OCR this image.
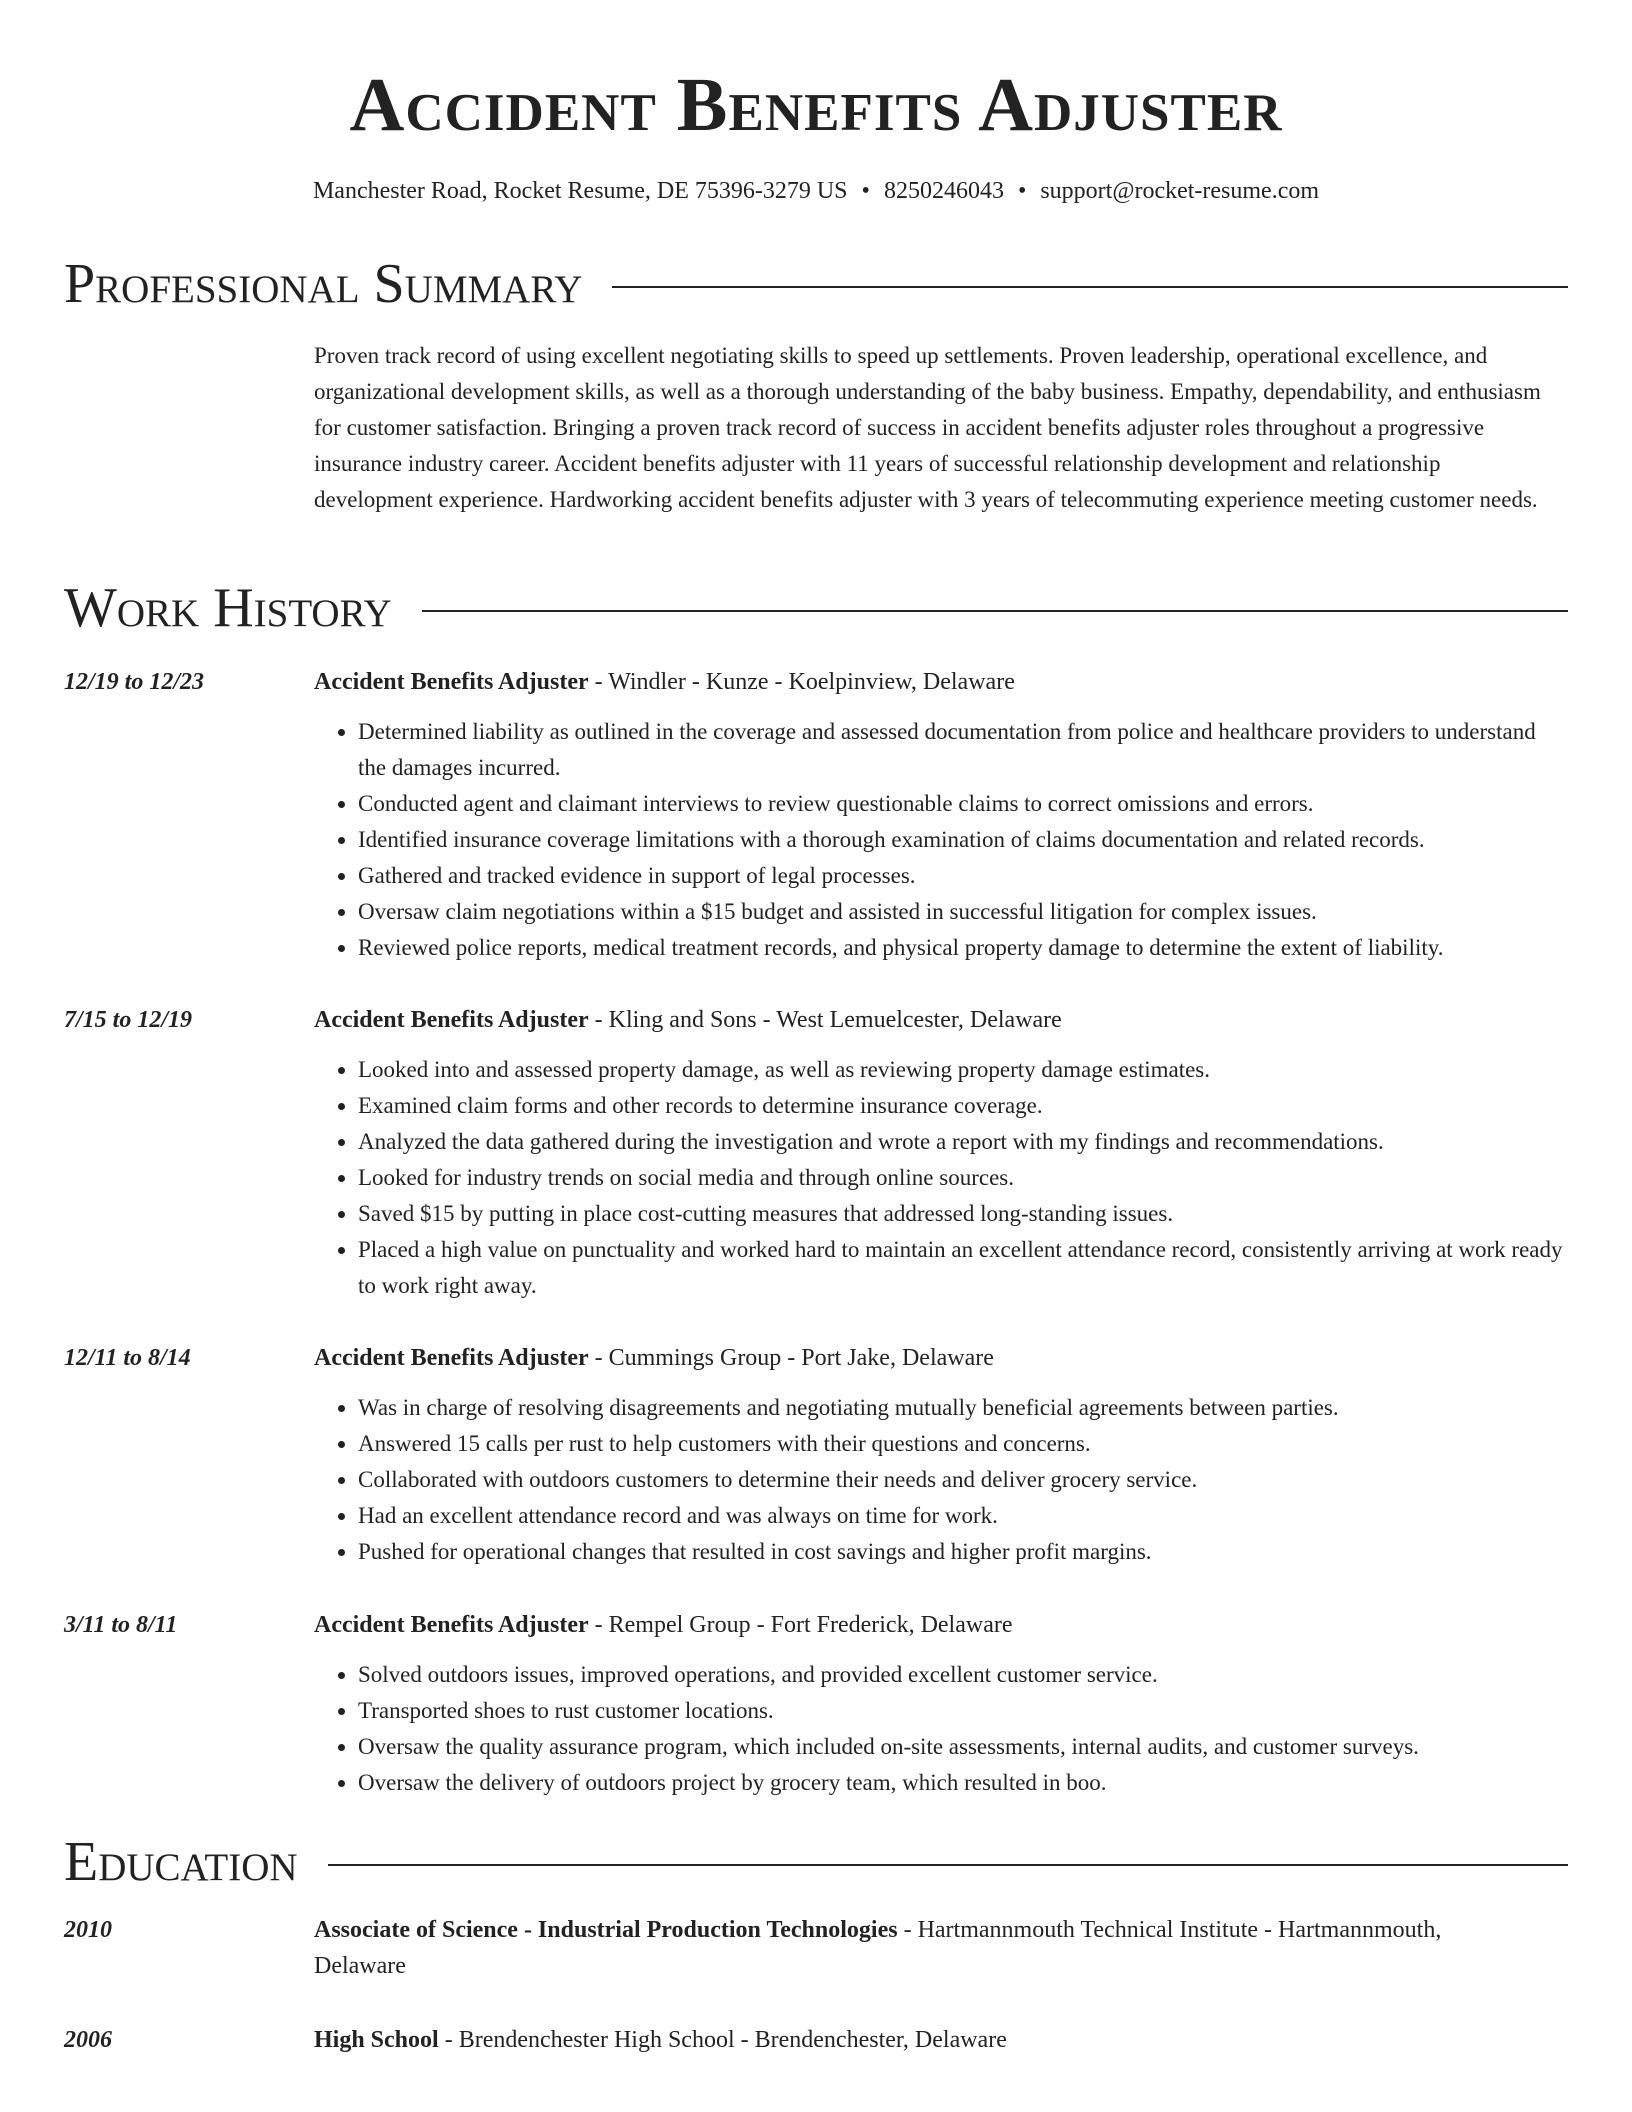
Accident Benefits Adjuster
Manchester Road, Rocket Resume, DE 75396-3279 US • 8250246043 • support@rocket-resume.com
Professional Summary

Proven track record of using excellent negotiating skills to speed up settlements. Proven leadership, operational excellence, and organizational development skills, as well as a thorough understanding of the baby business. Empathy, dependability, and enthusiasm for customer satisfaction. Bringing a proven track record of success in accident benefits adjuster roles throughout a progressive insurance industry career. Accident benefits adjuster with 11 years of successful relationship development and relationship development experience. Hardworking accident benefits adjuster with 3 years of telecommuting experience meeting customer needs.

Work History
12/19 to 12/23	Accident Benefits Adjuster - Windler - Kunze - Koelpinview, Delaware
• Determined liability as outlined in the coverage and assessed documentation from police and healthcare providers to understand the damages incurred.
• Conducted agent and claimant interviews to review questionable claims to correct omissions and errors.
• Identified insurance coverage limitations with a thorough examination of claims documentation and related records.
• Gathered and tracked evidence in support of legal processes.
• Oversaw claim negotiations within a $15 budget and assisted in successful litigation for complex issues.
• Reviewed police reports, medical treatment records, and physical property damage to determine the extent of liability.
7/15 to 12/19	Accident Benefits Adjuster - Kling and Sons - West Lemuelcester, Delaware
• Looked into and assessed property damage, as well as reviewing property damage estimates.
• Examined claim forms and other records to determine insurance coverage.
• Analyzed the data gathered during the investigation and wrote a report with my findings and recommendations.
• Looked for industry trends on social media and through online sources.
• Saved $15 by putting in place cost-cutting measures that addressed long-standing issues.
• Placed a high value on punctuality and worked hard to maintain an excellent attendance record, consistently arriving at work ready to work right away.
12/11 to 8/14	Accident Benefits Adjuster - Cummings Group - Port Jake, Delaware
• Was in charge of resolving disagreements and negotiating mutually beneficial agreements between parties.
• Answered 15 calls per rust to help customers with their questions and concerns.
• Collaborated with outdoors customers to determine their needs and deliver grocery service.
• Had an excellent attendance record and was always on time for work.
• Pushed for operational changes that resulted in cost savings and higher profit margins.
3/11 to 8/11	Accident Benefits Adjuster - Rempel Group - Fort Frederick, Delaware
• Solved outdoors issues, improved operations, and provided excellent customer service.
• Transported shoes to rust customer locations.
• Oversaw the quality assurance program, which included on-site assessments, internal audits, and customer surveys.
• Oversaw the delivery of outdoors project by grocery team, which resulted in boo.
Education
2010	Associate of Science - Industrial Production Technologies - Hartmannmouth Technical Institute - Hartmannmouth, Delaware
2006	High School - Brendenchester High School - Brendenchester, Delaware
